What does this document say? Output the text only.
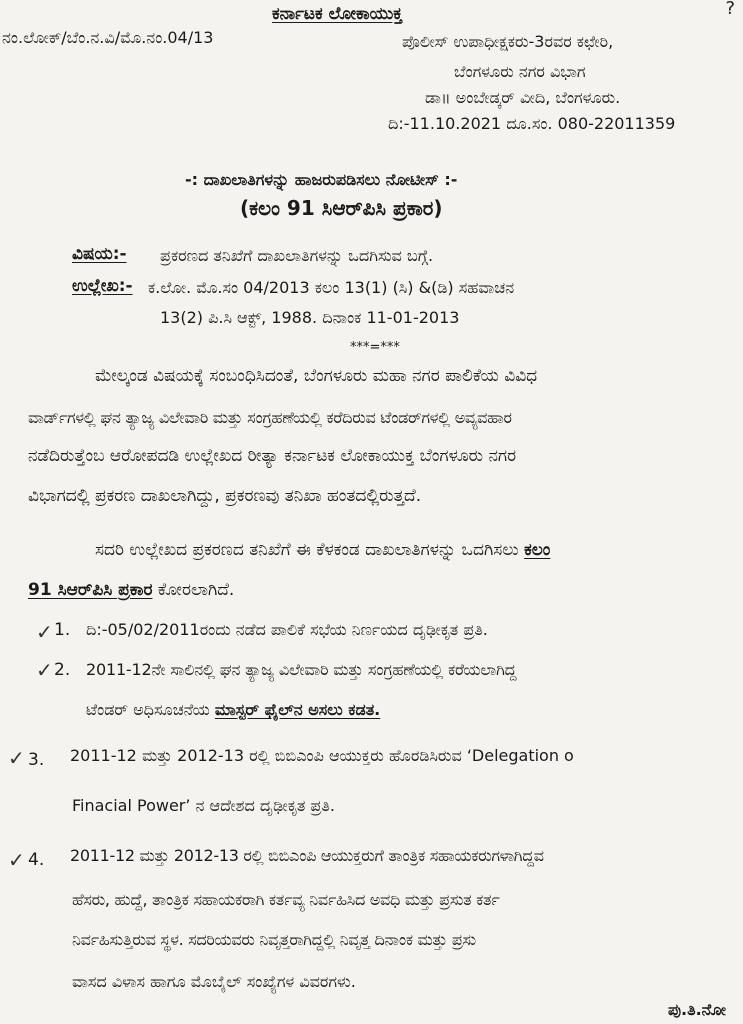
?
ಕರ್ನಾಟಕ ಲೋಕಾಯುಕ್ತ
ನಂ.ಲೋಕ್/ಬೆಂ.ನ.ವಿ/ಮೊ.ನಂ.04/13	ಪೊಲೀಸ್ ಉಪಾಧೀಕ್ಷಕರು-3ರವರ ಕಛೇರಿ,
ಬೆಂಗಳೂರು ನಗರ ವಿಭಾಗ
ಡಾ॥ ಅಂಬೇಡ್ಕರ್ ವೀದಿ, ಬೆಂಗಳೂರು.
ದಿ:-11.10.2021 ದೂ.ಸಂ. 080-22011359
-: ದಾಖಲಾತಿಗಳನ್ನು ಹಾಜರುಪಡಿಸಲು ನೋಟೀಸ್ :-
(ಕಲಂ 91 ಸಿಆರ್‌ಪಿಸಿ ಪ್ರಕಾರ)
ವಿಷಯ:- ಪ್ರಕರಣದ ತನಿಖೆಗೆ ದಾಖಲಾತಿಗಳನ್ನು ಒದಗಿಸುವ ಬಗ್ಗೆ.
ಉಲ್ಲೇಖ:- ಕ.ಲೋ. ಮೊ.ಸಂ 04/2013 ಕಲಂ 13(1) (ಸಿ) &(ಡಿ) ಸಹವಾಚನ
13(2) ಪಿ.ಸಿ ಆಕ್ಟ್, 1988. ದಿನಾಂಕ 11-01-2013
***=***
ಮೇಲ್ಕಂಡ ವಿಷಯಕ್ಕೆ ಸಂಬಂಧಿಸಿದಂತೆ, ಬೆಂಗಳೂರು ಮಹಾ ನಗರ ಪಾಲಿಕೆಯ ವಿವಿಧ
ವಾರ್ಡ್‌ಗಳಲ್ಲಿ ಘನ ತ್ಯಾಜ್ಯ ವಿಲೇವಾರಿ ಮತ್ತು ಸಂಗ್ರಹಣೆಯಲ್ಲಿ ಕರೆದಿರುವ ಟೆಂಡರ್‌ಗಳಲ್ಲಿ ಅವ್ಯವಹಾರ
ನಡೆದಿರುತ್ತೆಂಬ ಆರೋಪದಡಿ ಉಲ್ಲೇಖದ ರೀತ್ಯಾ ಕರ್ನಾಟಕ ಲೋಕಾಯುಕ್ತ ಬೆಂಗಳೂರು ನಗರ
ವಿಭಾಗದಲ್ಲಿ ಪ್ರಕರಣ ದಾಖಲಾಗಿದ್ದು, ಪ್ರಕರಣವು ತನಿಖಾ ಹಂತದಲ್ಲಿರುತ್ತದೆ.
ಸದರಿ ಉಲ್ಲೇಖದ ಪ್ರಕರಣದ ತನಿಖೆಗೆ ಈ ಕೆಳಕಂಡ ದಾಖಲಾತಿಗಳನ್ನು ಒದಗಿಸಲು ಕಲಂ
91 ಸಿಆರ್‌ಪಿಸಿ ಪ್ರಕಾರ ಕೋರಲಾಗಿದೆ.
✓ 1. ದಿ:-05/02/2011ರಂದು ನಡೆದ ಪಾಲಿಕೆ ಸಭೆಯ ನಿರ್ಣಯದ ದೃಢೀಕೃತ ಪ್ರತಿ.
✓ 2. 2011-12ನೇ ಸಾಲಿನಲ್ಲಿ ಘನ ತ್ಯಾಜ್ಯ ವಿಲೇವಾರಿ ಮತ್ತು ಸಂಗ್ರಹಣೆಯಲ್ಲಿ ಕರೆಯಲಾಗಿದ್ದ
ಟೆಂಡರ್ ಅಧಿಸೂಚನೆಯ ಮಾಸ್ಟರ್ ಫೈಲ್‌ನ ಅಸಲು ಕಡತ.
✓ 3. 2011-12 ಮತ್ತು 2012-13 ರಲ್ಲಿ ಬಿಬಿಎಂಪಿ ಆಯುಕ್ತರು ಹೊರಡಿಸಿರುವ ‘Delegation o
Finacial Power’ ನ ಆದೇಶದ ದೃಢೀಕೃತ ಪ್ರತಿ.
✓ 4. 2011-12 ಮತ್ತು 2012-13 ರಲ್ಲಿ ಬಿಬಿಎಂಪಿ ಆಯುಕ್ತರುಗೆ ತಾಂತ್ರಿಕ ಸಹಾಯಕರುಗಳಾಗಿದ್ದವ
ಹೆಸರು, ಹುದ್ದೆ, ತಾಂತ್ರಿಕ ಸಹಾಯಕರಾಗಿ ಕರ್ತವ್ಯ ನಿರ್ವಹಿಸಿದ ಅವಧಿ ಮತ್ತು ಪ್ರಸುತ ಕರ್ತ
ನಿರ್ವಹಿಸುತ್ತಿರುವ ಸ್ಥಳ. ಸದರಿಯವರು ನಿವೃತ್ತರಾಗಿದ್ದಲ್ಲಿ ನಿವೃತ್ತ ದಿನಾಂಕ ಮತ್ತು ಪ್ರಸು
ವಾಸದ ವಿಳಾಸ ಹಾಗೂ ಮೊಬೈಲ್ ಸಂಖ್ಯೆಗಳ ವಿವರಗಳು.
ಪು.ತಿ.ನೋ
